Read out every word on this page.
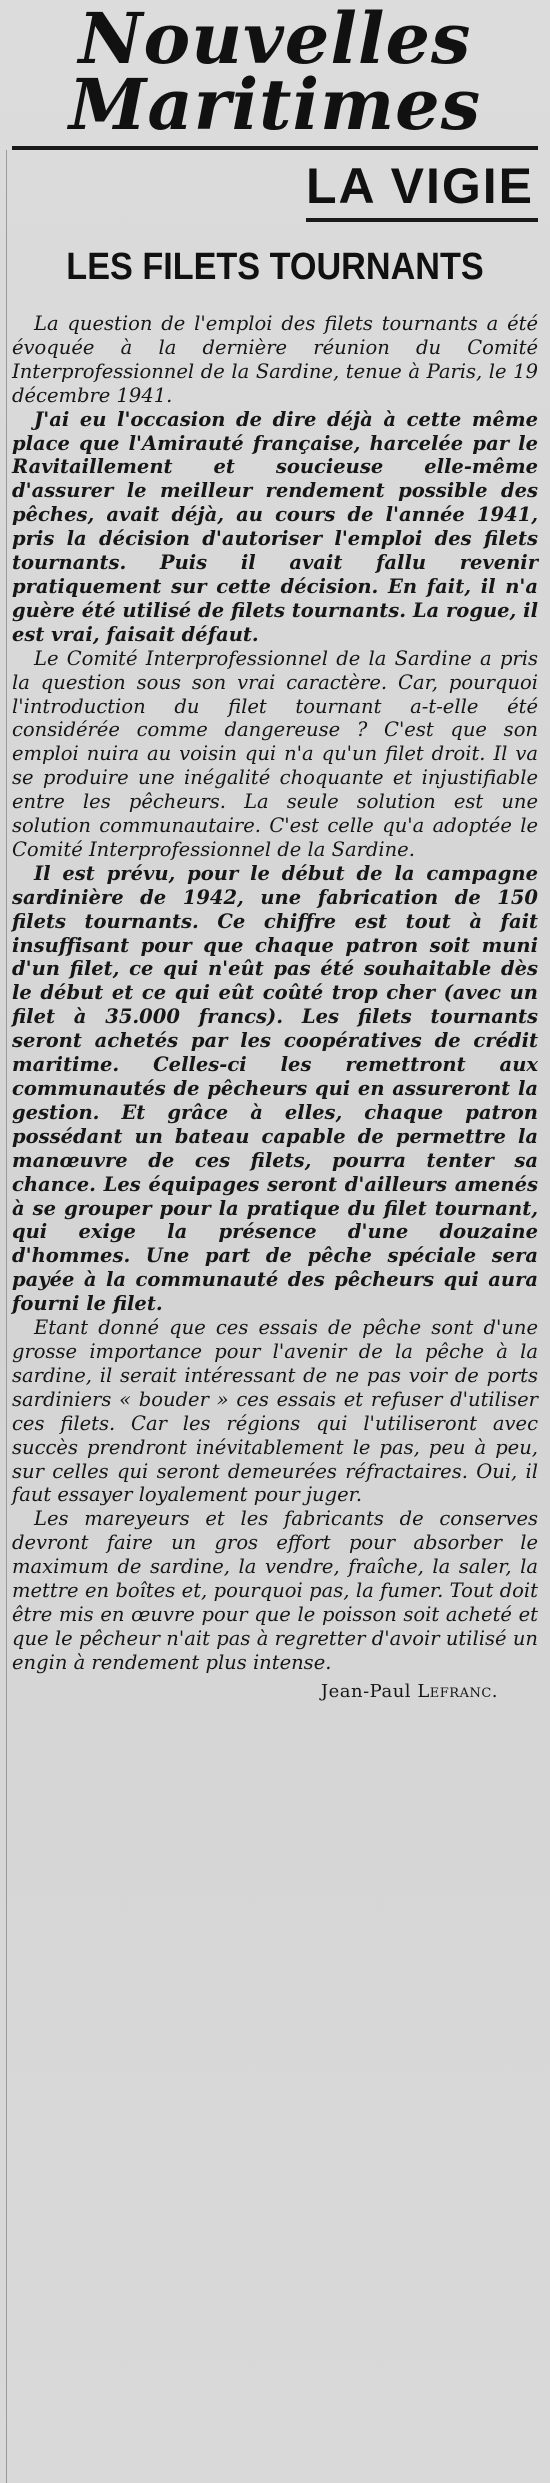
Nouvelles
Maritimes
LA VIGIE
LES FILETS TOURNANTS

La question de l'emploi des filets tournants a été évoquée à la dernière réunion du Comité Interprofessionnel de la Sardine, tenue à Paris, le 19 décembre 1941.

J'ai eu l'occasion de dire déjà à cette même place que l'Amirauté française, harcelée par le Ravitaillement et soucieuse elle-même d'assurer le meilleur rendement possible des pêches, avait déjà, au cours de l'année 1941, pris la décision d'autoriser l'emploi des filets tournants. Puis il avait fallu revenir pratiquement sur cette décision. En fait, il n'a guère été utilisé de filets tournants. La rogue, il est vrai, faisait défaut.

Le Comité Interprofessionnel de la Sardine a pris la question sous son vrai caractère. Car, pourquoi l'introduction du filet tournant a-t-elle été considérée comme dangereuse ? C'est que son emploi nuira au voisin qui n'a qu'un filet droit. Il va se produire une inégalité choquante et injustifiable entre les pêcheurs. La seule solution est une solution communautaire. C'est celle qu'a adoptée le Comité Interprofessionnel de la Sardine.

Il est prévu, pour le début de la campagne sardinière de 1942, une fabrication de 150 filets tournants. Ce chiffre est tout à fait insuffisant pour que chaque patron soit muni d'un filet, ce qui n'eût pas été souhaitable dès le début et ce qui eût coûté trop cher (avec un filet à 35.000 francs). Les filets tournants seront achetés par les coopératives de crédit maritime. Celles-ci les remettront aux communautés de pêcheurs qui en assureront la gestion. Et grâce à elles, chaque patron possédant un bateau capable de permettre la manœuvre de ces filets, pourra tenter sa chance. Les équipages seront d'ailleurs amenés à se grouper pour la pratique du filet tournant, qui exige la présence d'une douzaine d'hommes. Une part de pêche spéciale sera payée à la communauté des pêcheurs qui aura fourni le filet.

Etant donné que ces essais de pêche sont d'une grosse importance pour l'avenir de la pêche à la sardine, il serait intéressant de ne pas voir de ports sardiniers « bouder » ces essais et refuser d'utiliser ces filets. Car les régions qui l'utiliseront avec succès prendront inévitablement le pas, peu à peu, sur celles qui seront demeurées réfractaires. Oui, il faut essayer loyalement pour juger.

Les mareyeurs et les fabricants de conserves devront faire un gros effort pour absorber le maximum de sardine, la vendre, fraîche, la saler, la mettre en boîtes et, pourquoi pas, la fumer. Tout doit être mis en œuvre pour que le poisson soit acheté et que le pêcheur n'ait pas à regretter d'avoir utilisé un engin à rendement plus intense.

Jean-Paul Lefranc.
